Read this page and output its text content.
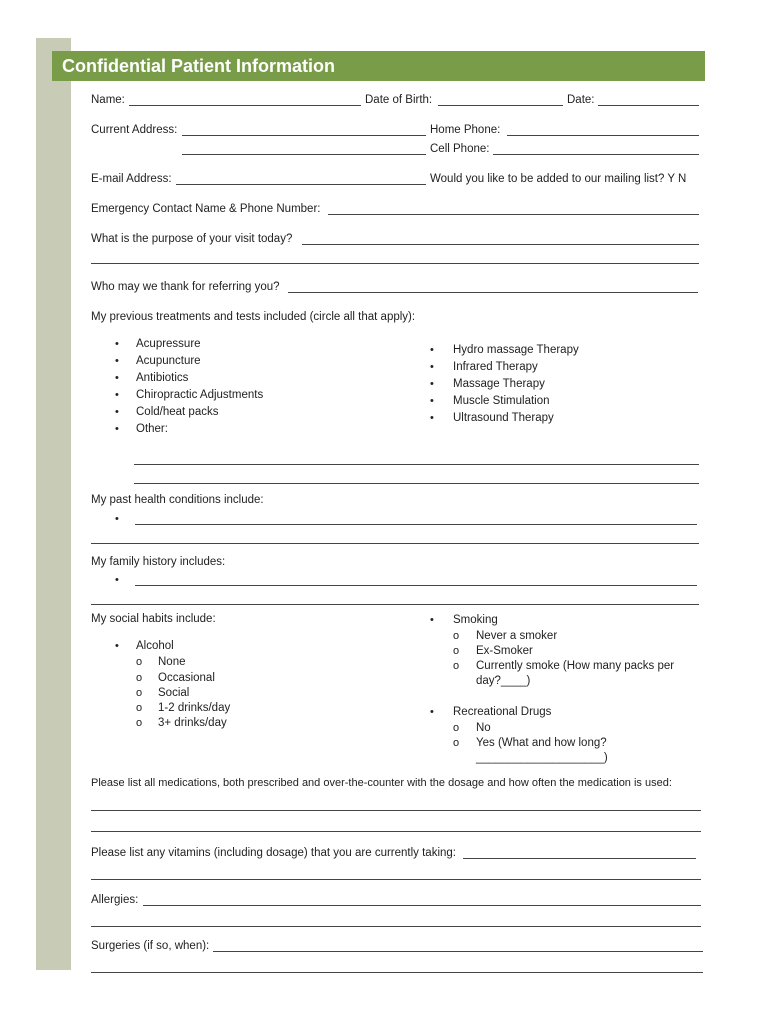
Confidential Patient Information
Name:	Date of Birth:	Date:
Current Address:	Home Phone:
Cell Phone:
E-mail Address:	Would you like to be added to our mailing list? Y N
Emergency Contact Name & Phone Number:
What is the purpose of your visit today?
Who may we thank for referring you?
My previous treatments and tests included (circle all that apply):
• Acupressure
• Acupuncture
• Antibiotics
• Chiropractic Adjustments
• Cold/heat packs
• Other:
• Hydro massage Therapy
• Infrared Therapy
• Massage Therapy
• Muscle Stimulation
• Ultrasound Therapy
My past health conditions include:
•
My family history includes:
•
My social habits include:
• Alcohol
o None
o Occasional
o Social
o 1-2 drinks/day
o 3+ drinks/day
• Smoking
o Never a smoker
o Ex-Smoker
o Currently smoke (How many packs per
day?____)
• Recreational Drugs
o No
o Yes (What and how long?
____________________)
Please list all medications, both prescribed and over-the-counter with the dosage and how often the medication is used:
Please list any vitamins (including dosage) that you are currently taking:
Allergies:
Surgeries (if so, when):
